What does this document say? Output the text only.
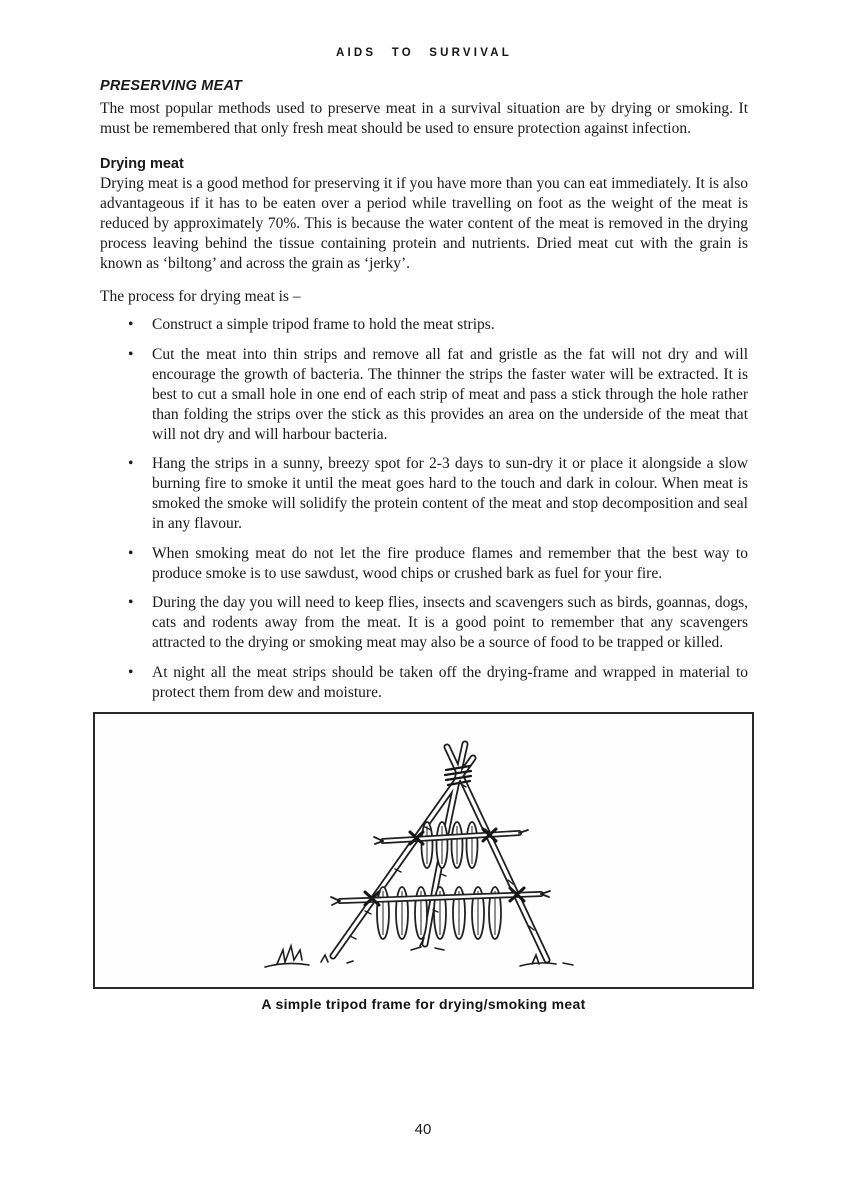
AIDS TO SURVIVAL
PRESERVING MEAT

The most popular methods used to preserve meat in a survival situation are by drying or smoking. It must be remembered that only fresh meat should be used to ensure protection against infection.

Drying meat

Drying meat is a good method for preserving it if you have more than you can eat immediately. It is also advantageous if it has to be eaten over a period while travelling on foot as the weight of the meat is reduced by approximately 70%. This is because the water content of the meat is removed in the drying process leaving behind the tissue containing protein and nutrients. Dried meat cut with the grain is known as ‘biltong’ and across the grain as ‘jerky’.

The process for drying meat is –

• Construct a simple tripod frame to hold the meat strips.
• Cut the meat into thin strips and remove all fat and gristle as the fat will not dry and will encourage the growth of bacteria. The thinner the strips the faster water will be extracted. It is best to cut a small hole in one end of each strip of meat and pass a stick through the hole rather than folding the strips over the stick as this provides an area on the underside of the meat that will not dry and will harbour bacteria.
• Hang the strips in a sunny, breezy spot for 2-3 days to sun-dry it or place it alongside a slow burning fire to smoke it until the meat goes hard to the touch and dark in colour. When meat is smoked the smoke will solidify the protein content of the meat and stop decomposition and seal in any flavour.
• When smoking meat do not let the fire produce flames and remember that the best way to produce smoke is to use sawdust, wood chips or crushed bark as fuel for your fire.
• During the day you will need to keep flies, insects and scavengers such as birds, goannas, dogs, cats and rodents away from the meat. It is a good point to remember that any scavengers attracted to the drying or smoking meat may also be a source of food to be trapped or killed.
• At night all the meat strips should be taken off the drying-frame and wrapped in material to protect them from dew and moisture.
A simple tripod frame for drying/smoking meat
40
